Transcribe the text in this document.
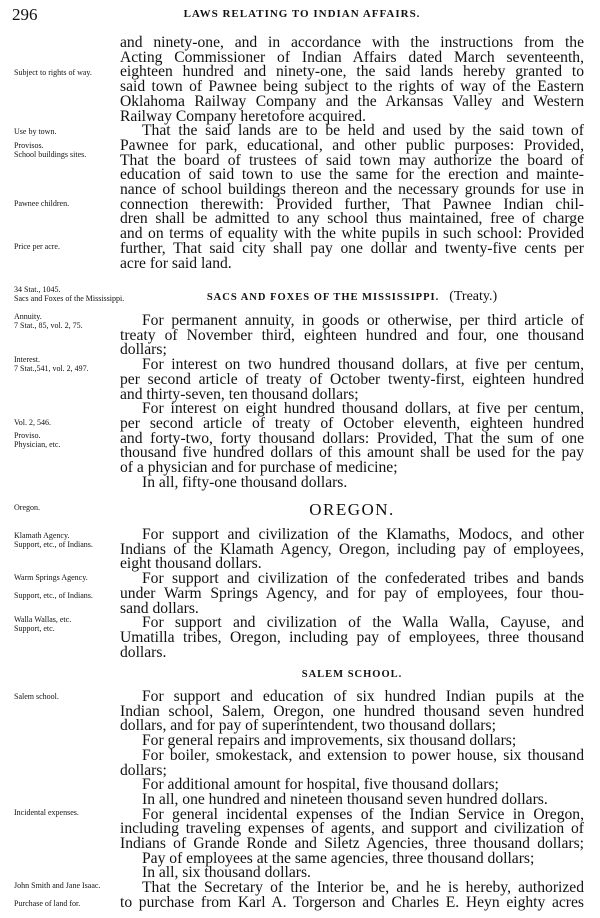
296	LAWS RELATING TO INDIAN AFFAIRS.
Subject to rights of way.
Use by town.
Provisos.
School buildings sites.
Pawnee children.
Price per acre.
34 Stat., 1045.
Sacs and Foxes of the Mississippi.
Annuity.
7 Stat., 85, vol. 2, 75.
Interest.
7 Stat.,541, vol. 2, 497.
Vol. 2, 546.
Proviso.
Physician, etc.
Oregon.
Klamath Agency.
Support, etc., of Indians.
Warm Springs Agency.
Support, etc., of Indians.
Walla Wallas, etc.
Support, etc.
Salem school.
Incidental expenses.
John Smith and Jane Isaac.
Purchase of land for.
and ninety-one, and in accordance with the instructions from the
Acting Commissioner of Indian Affairs dated March seventeenth,
eighteen hundred and ninety-one, the said lands hereby granted to
said town of Pawnee being subject to the rights of way of the Eastern
Oklahoma Railway Company and the Arkansas Valley and Western
Railway Company heretofore acquired.
That the said lands are to be held and used by the said town of
Pawnee for park, educational, and other public purposes: Provided,
That the board of trustees of said town may authorize the board of
education of said town to use the same for the erection and mainte-
nance of school buildings thereon and the necessary grounds for use in
connection therewith: Provided further, That Pawnee Indian chil-
dren shall be admitted to any school thus maintained, free of charge
and on terms of equality with the white pupils in such school: Provided
further, That said city shall pay one dollar and twenty-five cents per
acre for said land.
SACS AND FOXES OF THE MISSISSIPPI. (Treaty.)
For permanent annuity, in goods or otherwise, per third article of
treaty of November third, eighteen hundred and four, one thousand
dollars;
For interest on two hundred thousand dollars, at five per centum,
per second article of treaty of October twenty-first, eighteen hundred
and thirty-seven, ten thousand dollars;
For interest on eight hundred thousand dollars, at five per centum,
per second article of treaty of October eleventh, eighteen hundred
and forty-two, forty thousand dollars: Provided, That the sum of one
thousand five hundred dollars of this amount shall be used for the pay
of a physician and for purchase of medicine;
In all, fifty-one thousand dollars.
OREGON.
For support and civilization of the Klamaths, Modocs, and other
Indians of the Klamath Agency, Oregon, including pay of employees,
eight thousand dollars.
For support and civilization of the confederated tribes and bands
under Warm Springs Agency, and for pay of employees, four thou-
sand dollars.
For support and civilization of the Walla Walla, Cayuse, and
Umatilla tribes, Oregon, including pay of employees, three thousand
dollars.
SALEM SCHOOL.
For support and education of six hundred Indian pupils at the
Indian school, Salem, Oregon, one hundred thousand seven hundred
dollars, and for pay of superintendent, two thousand dollars;
For general repairs and improvements, six thousand dollars;
For boiler, smokestack, and extension to power house, six thousand
dollars;
For additional amount for hospital, five thousand dollars;
In all, one hundred and nineteen thousand seven hundred dollars.
For general incidental expenses of the Indian Service in Oregon,
including traveling expenses of agents, and support and civilization of
Indians of Grande Ronde and Siletz Agencies, three thousand dollars;
Pay of employees at the same agencies, three thousand dollars;
In all, six thousand dollars.
That the Secretary of the Interior be, and he is hereby, authorized
to purchase from Karl A. Torgerson and Charles E. Heyn eighty acres
